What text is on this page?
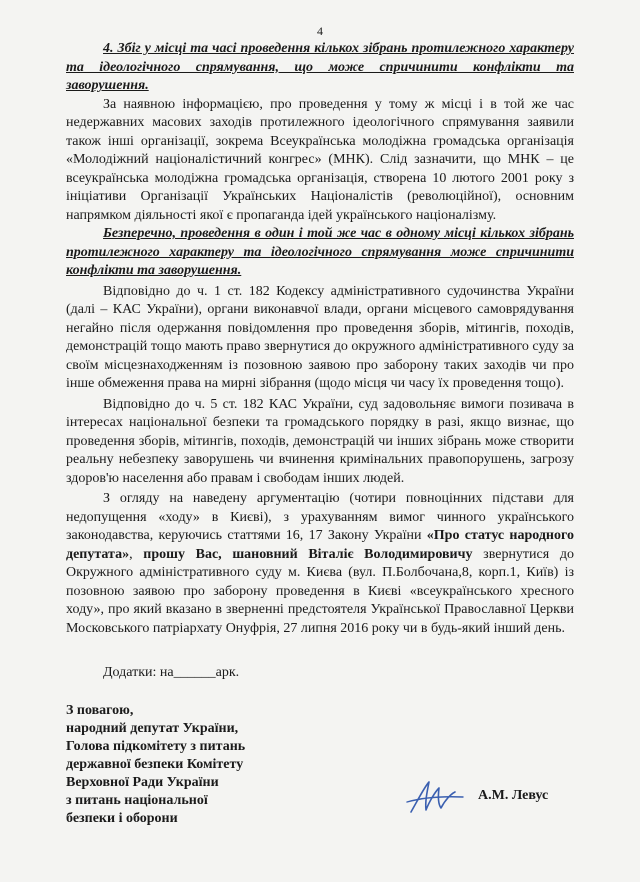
4

4. Збіг у місці та часі проведення кількох зібрань протилежного характеру та ідеологічного спрямування, що може спричинити конфлікти та заворушення.

За наявною інформацією, про проведення у тому ж місці і в той же час недержавних масових заходів протилежного ідеологічного спрямування заявили також інші організації, зокрема Всеукраїнська молодіжна громадська організація «Молодіжний націоналістичний конгрес» (МНК). Слід зазначити, що МНК – це всеукраїнська молодіжна громадська організація, створена 10 лютого 2001 року з ініціативи Організації Українських Націоналістів (революційної), основним напрямком діяльності якої є пропаганда ідей українського націоналізму.

Безперечно, проведення в один і той же час в одному місці кількох зібрань протилежного характеру та ідеологічного спрямування може спричинити конфлікти та заворушення.

Відповідно до ч. 1 ст. 182 Кодексу адміністративного судочинства України (далі – КАС України), органи виконавчої влади, органи місцевого самоврядування негайно після одержання повідомлення про проведення зборів, мітингів, походів, демонстрацій тощо мають право звернутися до окружного адміністративного суду за своїм місцезнаходженням із позовною заявою про заборону таких заходів чи про інше обмеження права на мирні зібрання (щодо місця чи часу їх проведення тощо).

Відповідно до ч. 5 ст. 182 КАС України, суд задовольняє вимоги позивача в інтересах національної безпеки та громадського порядку в разі, якщо визнає, що проведення зборів, мітингів, походів, демонстрацій чи інших зібрань може створити реальну небезпеку заворушень чи вчинення кримінальних правопорушень, загрозу здоров'ю населення або правам і свободам інших людей.

З огляду на наведену аргументацію (чотири повноцінних підстави для недопущення «ходу» в Києві), з урахуванням вимог чинного українського законодавства, керуючись статтями 16, 17 Закону України «Про статус народного депутата», прошу Вас, шановний Віталіє Володимировичу звернутися до Окружного адміністративного суду м. Києва (вул. П.Болбочана,8, корп.1, Київ) із позовною заявою про заборону проведення в Києві «всеукраїнського хресного ходу», про який вказано в зверненні предстоятеля Української Православної Церкви Московського патріархату Онуфрія, 27 липня 2016 року чи в будь-який інший день.

Додатки: на______арк.
З повагою,
народний депутат України,
Голова підкомітету з питань
державної безпеки Комітету
Верховної Ради України
з питань національної
безпеки і оборони
А.М. Левус
